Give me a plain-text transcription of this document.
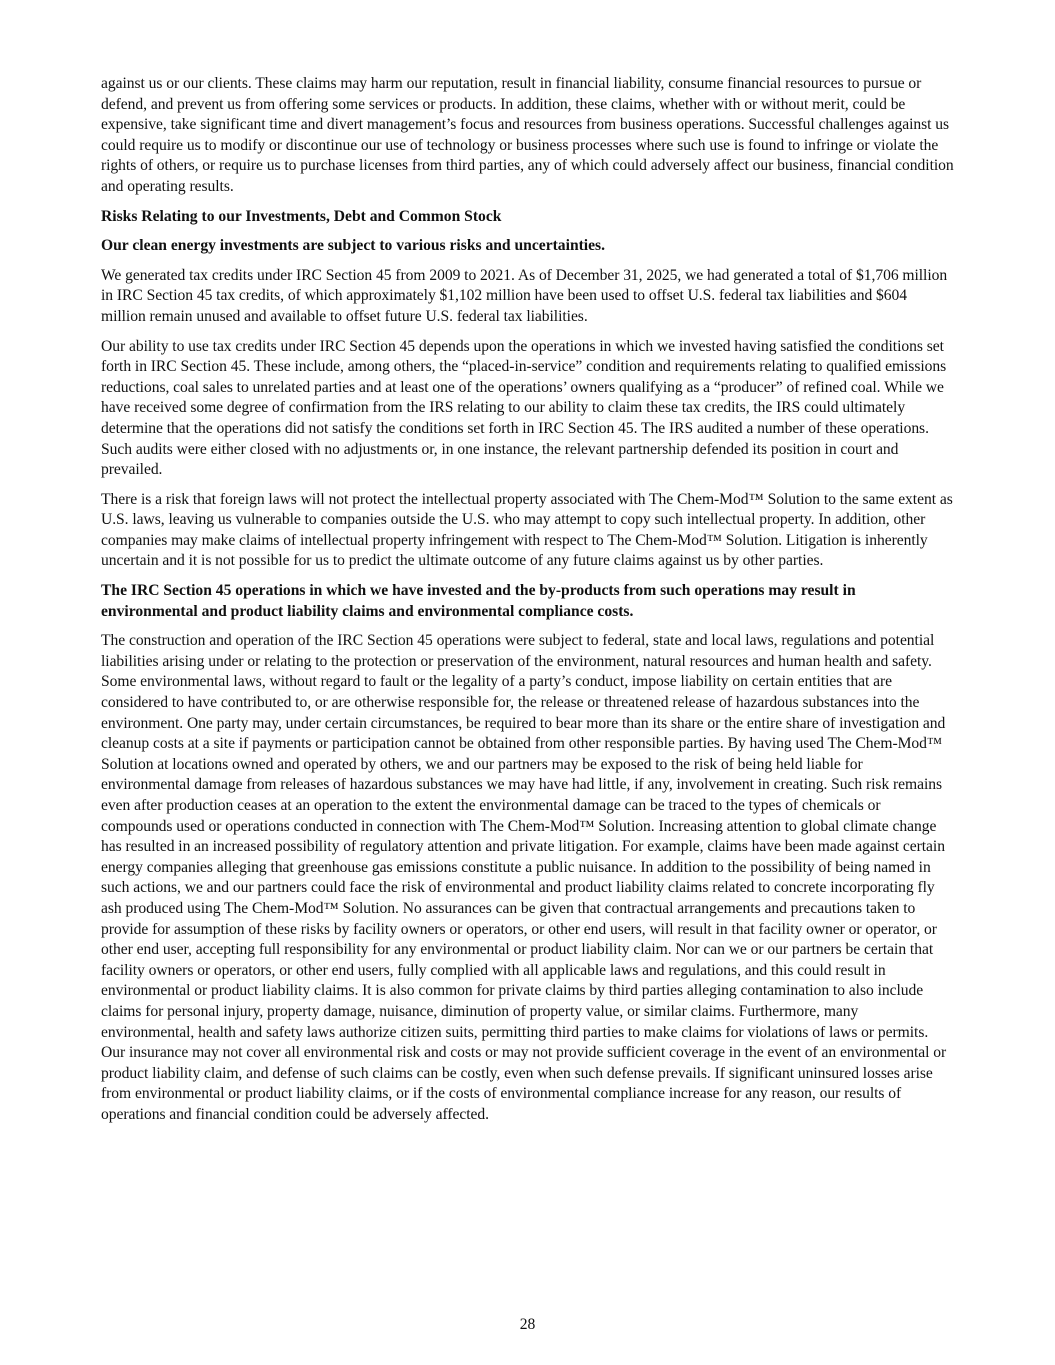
against us or our clients. These claims may harm our reputation, result in financial liability, consume financial resources to pursue or defend, and prevent us from offering some services or products. In addition, these claims, whether with or without merit, could be expensive, take significant time and divert management’s focus and resources from business operations. Successful challenges against us could require us to modify or discontinue our use of technology or business processes where such use is found to infringe or violate the rights of others, or require us to purchase licenses from third parties, any of which could adversely affect our business, financial condition and operating results.

Risks Relating to our Investments, Debt and Common Stock

Our clean energy investments are subject to various risks and uncertainties.

We generated tax credits under IRC Section 45 from 2009 to 2021. As of December 31, 2025, we had generated a total of $1,706 million in IRC Section 45 tax credits, of which approximately $1,102 million have been used to offset U.S. federal tax liabilities and $604 million remain unused and available to offset future U.S. federal tax liabilities.

Our ability to use tax credits under IRC Section 45 depends upon the operations in which we invested having satisfied the conditions set forth in IRC Section 45. These include, among others, the “placed-in-service” condition and requirements relating to qualified emissions reductions, coal sales to unrelated parties and at least one of the operations’ owners qualifying as a “producer” of refined coal. While we have received some degree of confirmation from the IRS relating to our ability to claim these tax credits, the IRS could ultimately determine that the operations did not satisfy the conditions set forth in IRC Section 45. The IRS audited a number of these operations. Such audits were either closed with no adjustments or, in one instance, the relevant partnership defended its position in court and prevailed.

There is a risk that foreign laws will not protect the intellectual property associated with The Chem-Mod™ Solution to the same extent as U.S. laws, leaving us vulnerable to companies outside the U.S. who may attempt to copy such intellectual property. In addition, other companies may make claims of intellectual property infringement with respect to The Chem-Mod™ Solution. Litigation is inherently uncertain and it is not possible for us to predict the ultimate outcome of any future claims against us by other parties.

The IRC Section 45 operations in which we have invested and the by-products from such operations may result in environmental and product liability claims and environmental compliance costs.

The construction and operation of the IRC Section 45 operations were subject to federal, state and local laws, regulations and potential liabilities arising under or relating to the protection or preservation of the environment, natural resources and human health and safety. Some environmental laws, without regard to fault or the legality of a party’s conduct, impose liability on certain entities that are considered to have contributed to, or are otherwise responsible for, the release or threatened release of hazardous substances into the environment. One party may, under certain circumstances, be required to bear more than its share or the entire share of investigation and cleanup costs at a site if payments or participation cannot be obtained from other responsible parties. By having used The Chem-Mod™ Solution at locations owned and operated by others, we and our partners may be exposed to the risk of being held liable for environmental damage from releases of hazardous substances we may have had little, if any, involvement in creating. Such risk remains even after production ceases at an operation to the extent the environmental damage can be traced to the types of chemicals or compounds used or operations conducted in connection with The Chem-Mod™ Solution. Increasing attention to global climate change has resulted in an increased possibility of regulatory attention and private litigation. For example, claims have been made against certain energy companies alleging that greenhouse gas emissions constitute a public nuisance. In addition to the possibility of being named in such actions, we and our partners could face the risk of environmental and product liability claims related to concrete incorporating fly ash produced using The Chem-Mod™ Solution. No assurances can be given that contractual arrangements and precautions taken to provide for assumption of these risks by facility owners or operators, or other end users, will result in that facility owner or operator, or other end user, accepting full responsibility for any environmental or product liability claim. Nor can we or our partners be certain that facility owners or operators, or other end users, fully complied with all applicable laws and regulations, and this could result in environmental or product liability claims. It is also common for private claims by third parties alleging contamination to also include claims for personal injury, property damage, nuisance, diminution of property value, or similar claims. Furthermore, many environmental, health and safety laws authorize citizen suits, permitting third parties to make claims for violations of laws or permits. Our insurance may not cover all environmental risk and costs or may not provide sufficient coverage in the event of an environmental or product liability claim, and defense of such claims can be costly, even when such defense prevails. If significant uninsured losses arise from environmental or product liability claims, or if the costs of environmental compliance increase for any reason, our results of operations and financial condition could be adversely affected.

28
